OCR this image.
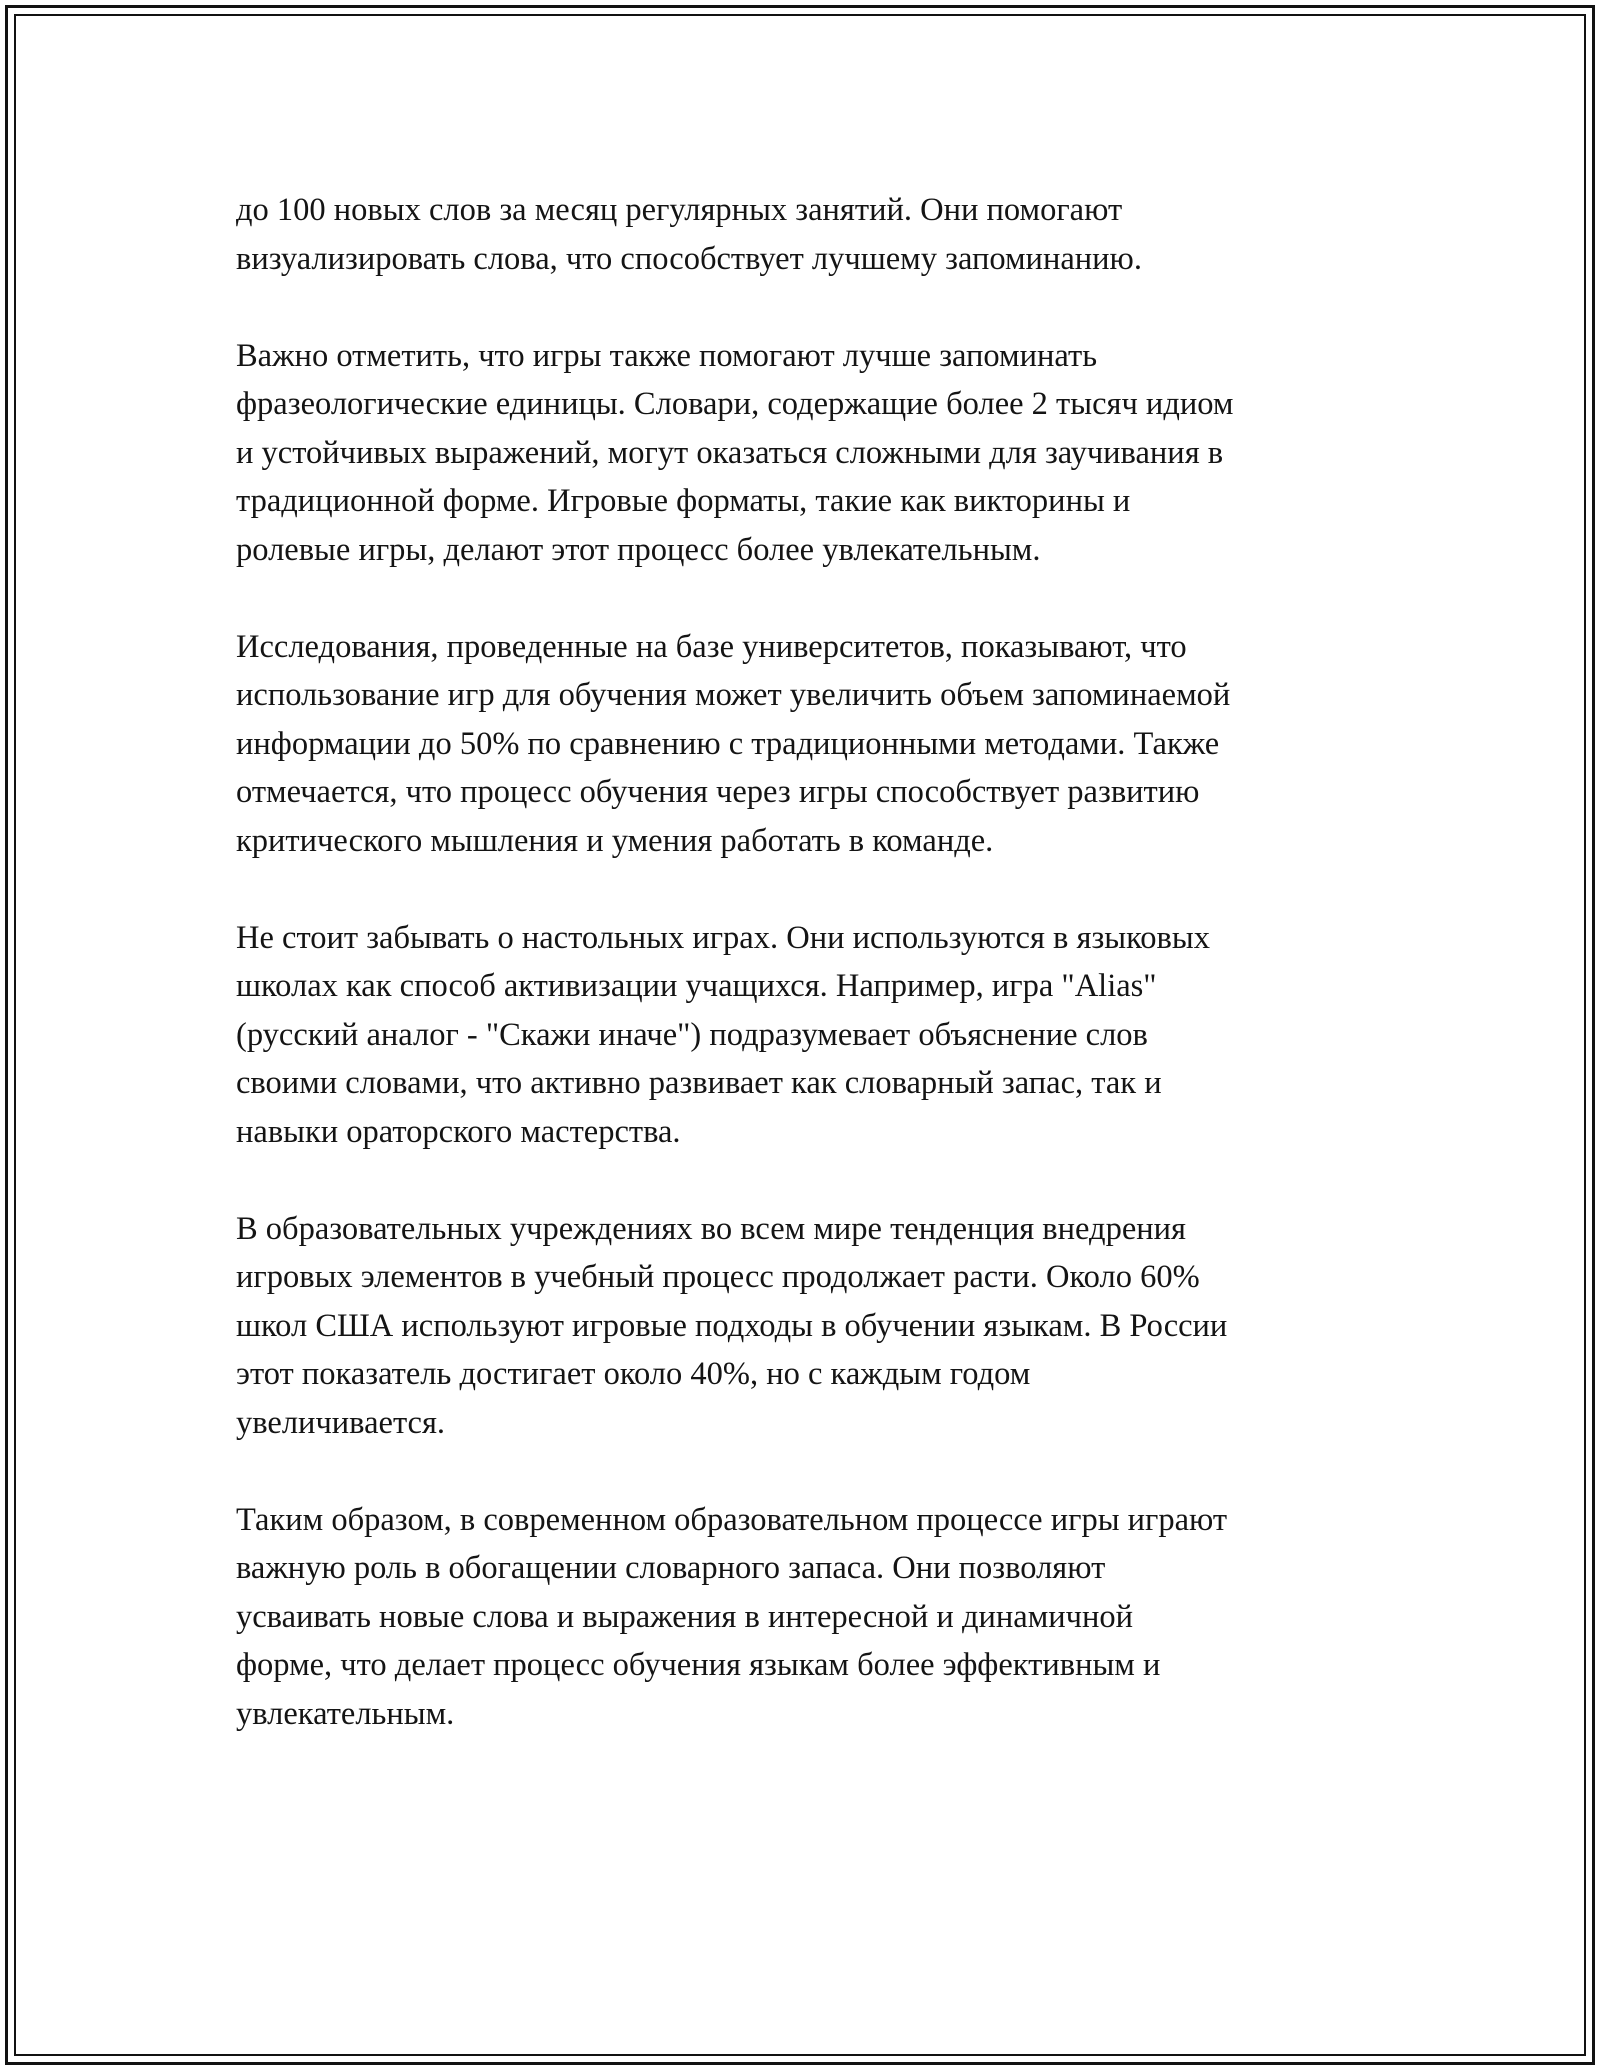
до 100 новых слов за месяц регулярных занятий. Они помогают
визуализировать слова, что способствует лучшему запоминанию.

Важно отметить, что игры также помогают лучше запоминать
фразеологические единицы. Словари, содержащие более 2 тысяч идиом
и устойчивых выражений, могут оказаться сложными для заучивания в
традиционной форме. Игровые форматы, такие как викторины и
ролевые игры, делают этот процесс более увлекательным.

Исследования, проведенные на базе университетов, показывают, что
использование игр для обучения может увеличить объем запоминаемой
информации до 50% по сравнению с традиционными методами. Также
отмечается, что процесс обучения через игры способствует развитию
критического мышления и умения работать в команде.

Не стоит забывать о настольных играх. Они используются в языковых
школах как способ активизации учащихся. Например, игра "Alias"
(русский аналог - "Скажи иначе") подразумевает объяснение слов
своими словами, что активно развивает как словарный запас, так и
навыки ораторского мастерства.

В образовательных учреждениях во всем мире тенденция внедрения
игровых элементов в учебный процесс продолжает расти. Около 60%
школ США используют игровые подходы в обучении языкам. В России
этот показатель достигает около 40%, но с каждым годом
увеличивается.

Таким образом, в современном образовательном процессе игры играют
важную роль в обогащении словарного запаса. Они позволяют
усваивать новые слова и выражения в интересной и динамичной
форме, что делает процесс обучения языкам более эффективным и
увлекательным.
